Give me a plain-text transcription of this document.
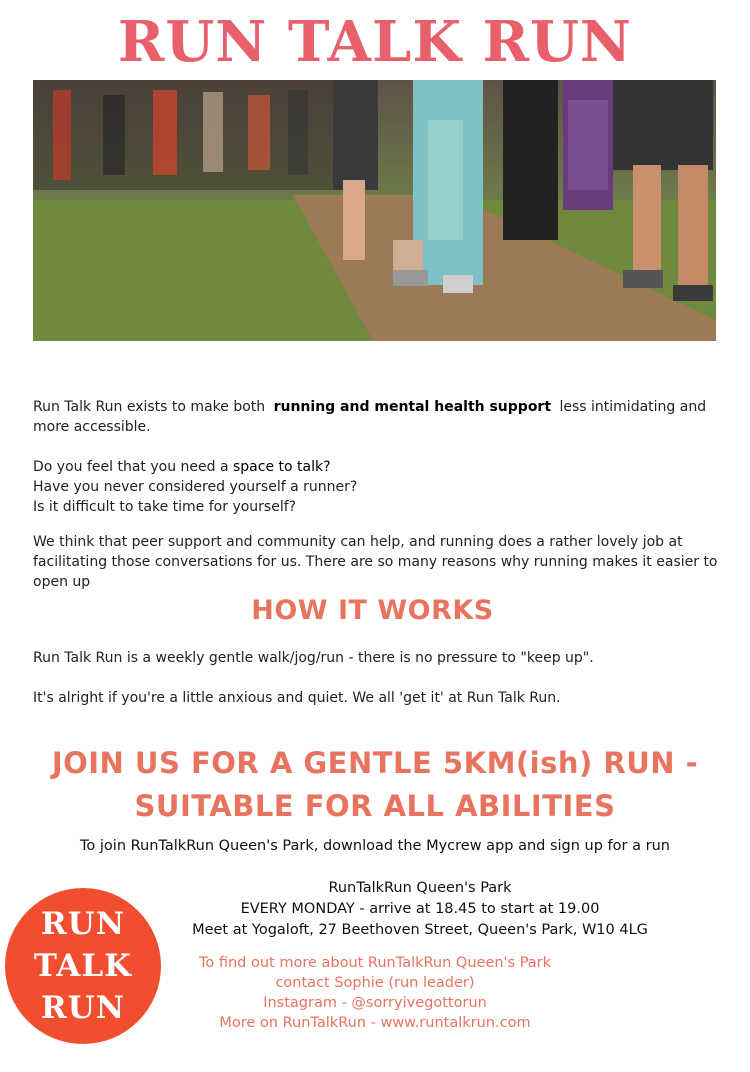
RUN TALK RUN
Run Talk Run exists to make both running and mental health support less intimidating and more accessible.
Do you feel that you need a space to talk?
Have you never considered yourself a runner?
Is it difficult to take time for yourself?
We think that peer support and community can help, and running does a rather lovely job at facilitating those conversations for us. There are so many reasons why running makes it easier to open up
HOW IT WORKS
Run Talk Run is a weekly gentle walk/jog/run - there is no pressure to "keep up".
It's alright if you're a little anxious and quiet. We all 'get it' at Run Talk Run.
JOIN US FOR A GENTLE 5KM(ish) RUN -
SUITABLE FOR ALL ABILITIES
To join RunTalkRun Queen's Park, download the Mycrew app and sign up for a run
RunTalkRun Queen's Park
EVERY MONDAY - arrive at 18.45 to start at 19.00
Meet at Yogaloft, 27 Beethoven Street, Queen's Park, W10 4LG
To find out more about RunTalkRun Queen's Park
contact Sophie (run leader)
Instagram - @sorryivegottorun
More on RunTalkRun - www.runtalkrun.com
RUN
TALK
RUN
